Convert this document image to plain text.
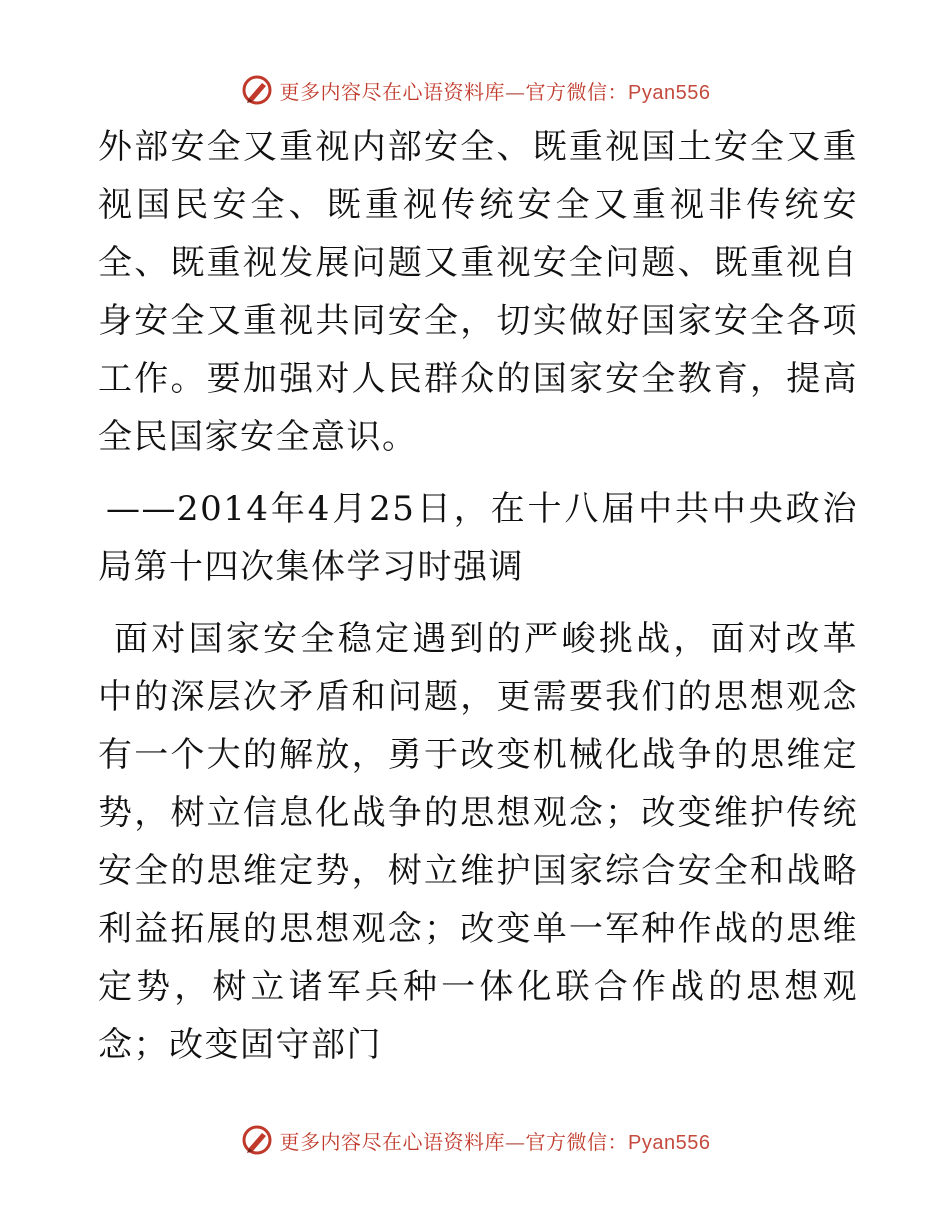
更多内容尽在心语资料库—官方微信：Pyan556

外部安全又重视内部安全、既重视国土安全又重视国民安全、既重视传统安全又重视非传统安全、既重视发展问题又重视安全问题、既重视自身安全又重视共同安全，切实做好国家安全各项工作。要加强对人民群众的国家安全教育，提高全民国家安全意识。

——2014年4月25日，在十八届中共中央政治局第十四次集体学习时强调

面对国家安全稳定遇到的严峻挑战，面对改革中的深层次矛盾和问题，更需要我们的思想观念有一个大的解放，勇于改变机械化战争的思维定势，树立信息化战争的思想观念；改变维护传统安全的思维定势，树立维护国家综合安全和战略利益拓展的思想观念；改变单一军种作战的思维定势，树立诸军兵种一体化联合作战的思想观念；改变固守部门

更多内容尽在心语资料库—官方微信：Pyan556
